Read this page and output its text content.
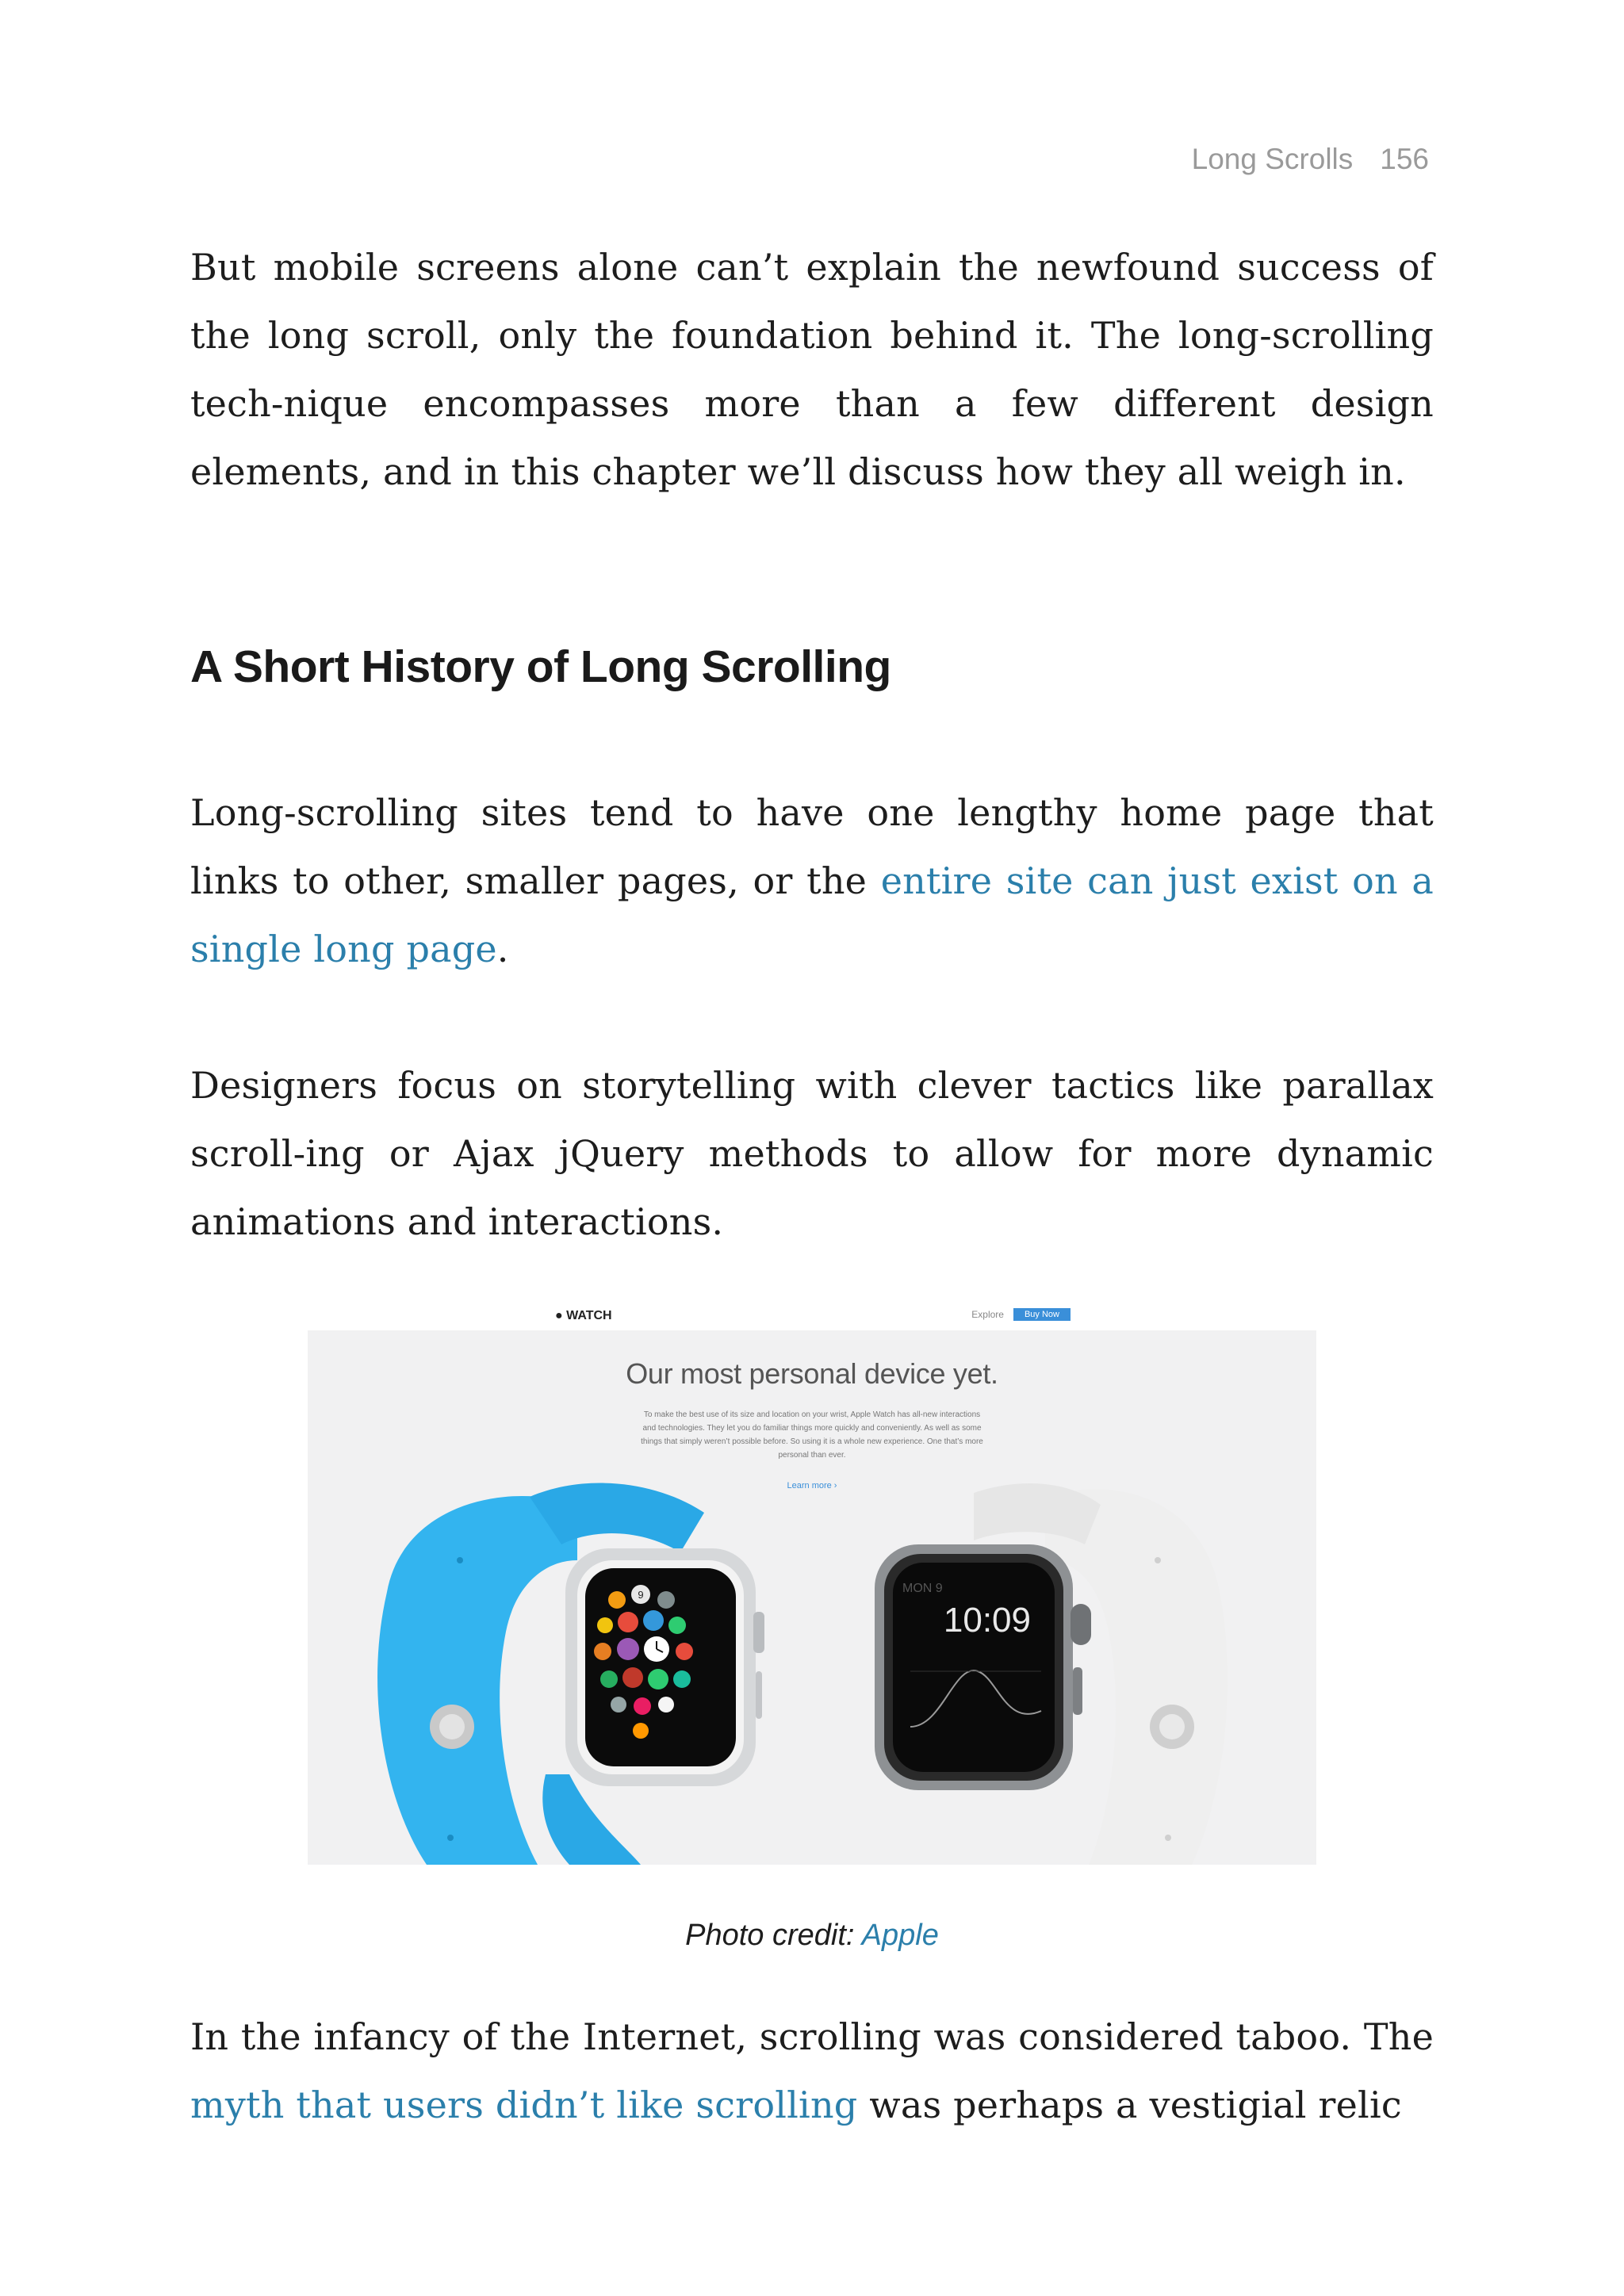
Long Scrolls 156
But mobile screens alone can’t explain the newfound success of the long scroll, only the foundation behind it. The long-scrolling tech-nique encompasses more than a few different design elements, and in this chapter we’ll discuss how they all weigh in.
A Short History of Long Scrolling
Long-scrolling sites tend to have one lengthy home page that links to other, smaller pages, or the entire site can just exist on a single long page.
Designers focus on storytelling with clever tactics like parallax scroll-ing or Ajax jQuery methods to allow for more dynamic animations and interactions.
● WATCH	Explore	Buy Now
9	MON 9
10:09
Our most personal device yet.
To make the best use of its size and location on your wrist, Apple Watch has all-new interactions and technologies. They let you do familiar things more quickly and conveniently. As well as some things that simply weren’t possible before. So using it is a whole new experience. One that’s more personal than ever.
Learn more ›
Photo credit: Apple
In the infancy of the Internet, scrolling was considered taboo. The myth that users didn’t like scrolling was perhaps a vestigial relic
